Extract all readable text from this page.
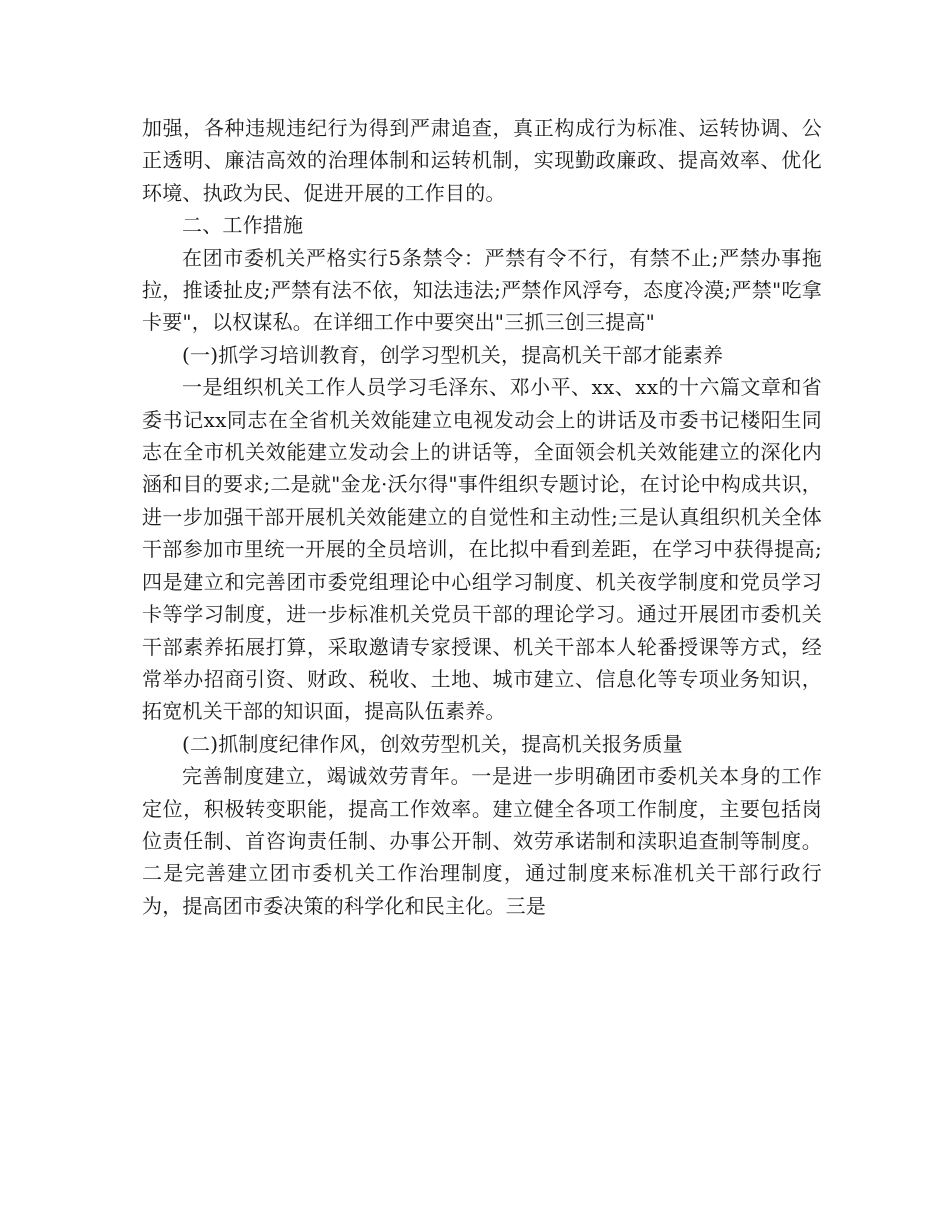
加强，各种违规违纪行为得到严肃追查，真正构成行为标准、运转协调、公正透明、廉洁高效的治理体制和运转机制，实现勤政廉政、提高效率、优化环境、执政为民、促进开展的工作目的。

二、工作措施

在团市委机关严格实行5条禁令：严禁有令不行，有禁不止;严禁办事拖拉，推诿扯皮;严禁有法不依，知法违法;严禁作风浮夸，态度冷漠;严禁"吃拿卡要"，以权谋私。在详细工作中要突出"三抓三创三提高"

(一)抓学习培训教育，创学习型机关，提高机关干部才能素养

一是组织机关工作人员学习毛泽东、邓小平、xx、xx的十六篇文章和省委书记xx同志在全省机关效能建立电视发动会上的讲话及市委书记楼阳生同志在全市机关效能建立发动会上的讲话等，全面领会机关效能建立的深化内涵和目的要求;二是就"金龙·沃尔得"事件组织专题讨论，在讨论中构成共识，进一步加强干部开展机关效能建立的自觉性和主动性;三是认真组织机关全体干部参加市里统一开展的全员培训，在比拟中看到差距，在学习中获得提高;四是建立和完善团市委党组理论中心组学习制度、机关夜学制度和党员学习卡等学习制度，进一步标准机关党员干部的理论学习。通过开展团市委机关干部素养拓展打算，采取邀请专家授课、机关干部本人轮番授课等方式，经常举办招商引资、财政、税收、土地、城市建立、信息化等专项业务知识，拓宽机关干部的知识面，提高队伍素养。

(二)抓制度纪律作风，创效劳型机关，提高机关报务质量

完善制度建立，竭诚效劳青年。一是进一步明确团市委机关本身的工作定位，积极转变职能，提高工作效率。建立健全各项工作制度，主要包括岗位责任制、首咨询责任制、办事公开制、效劳承诺制和渎职追查制等制度。二是完善建立团市委机关工作治理制度，通过制度来标准机关干部行政行为，提高团市委决策的科学化和民主化。三是
